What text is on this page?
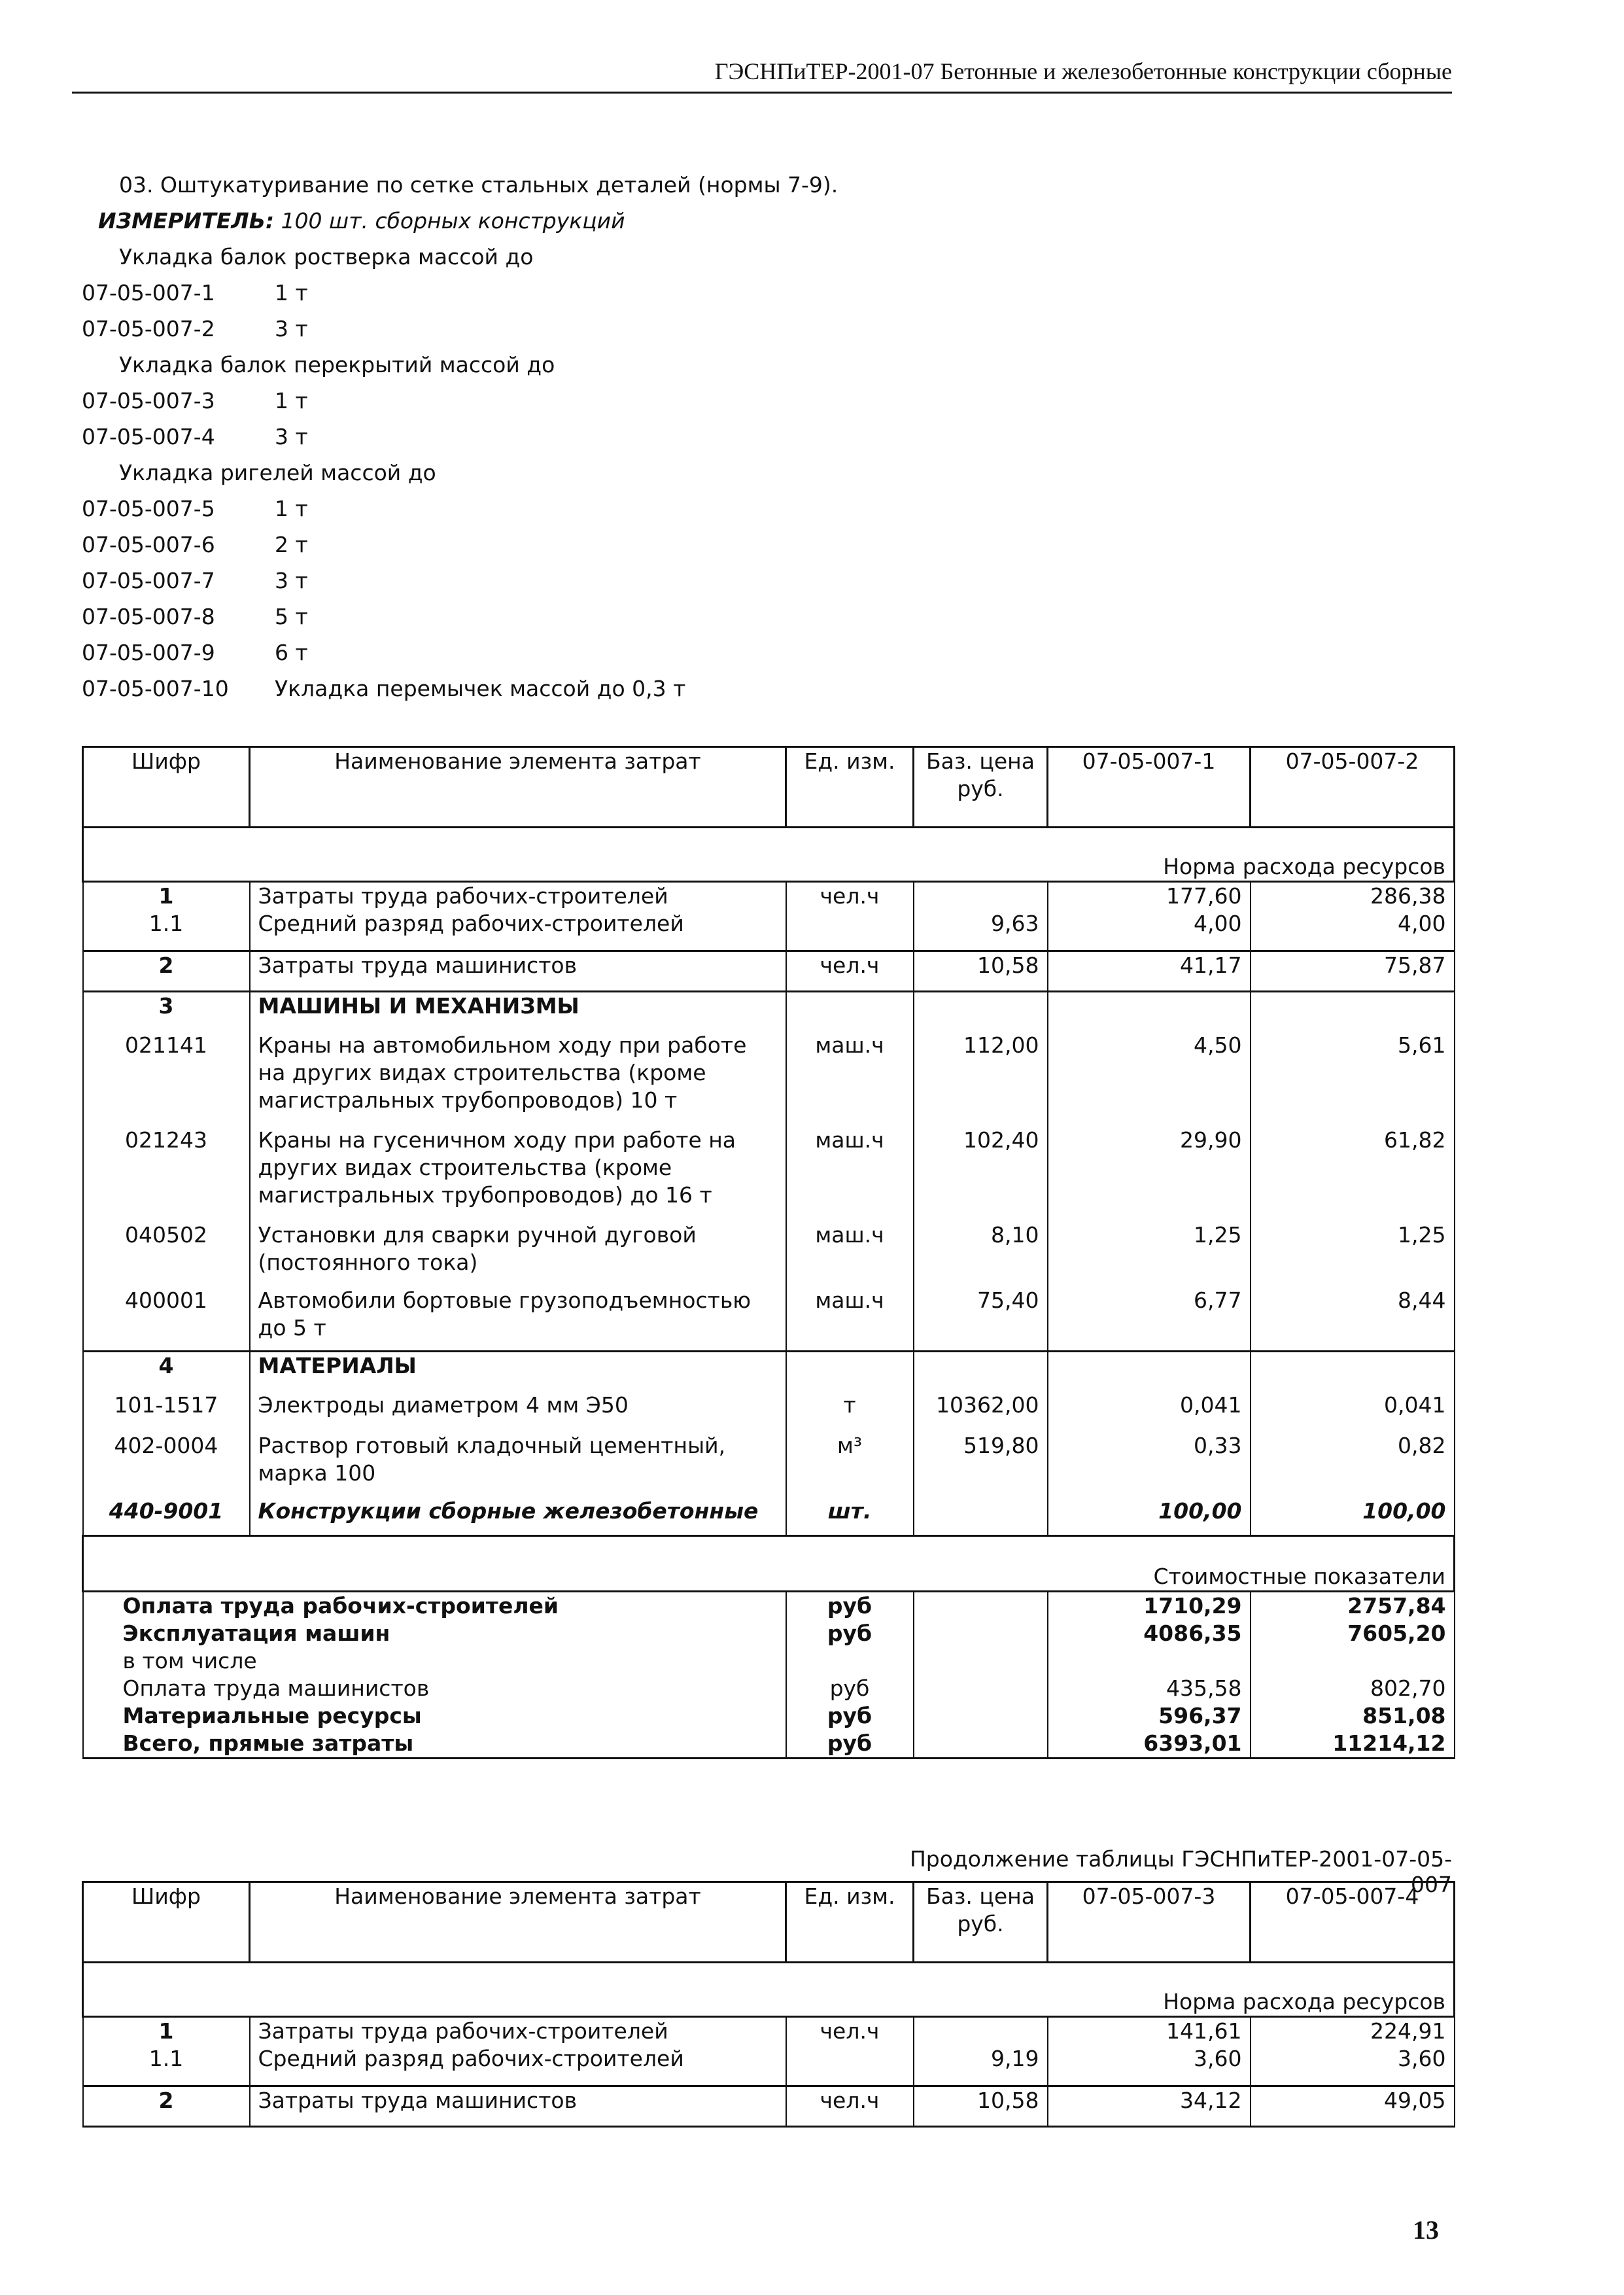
ГЭСНПиТЕР-2001-07 Бетонные и железобетонные конструкции сборные
03. Оштукатуривание по сетке стальных деталей (нормы 7-9).
ИЗМЕРИТЕЛЬ: 100 шт. сборных конструкций
Укладка балок ростверка массой до
07-05-007-1	1 т
07-05-007-2	3 т
Укладка балок перекрытий массой до
07-05-007-3	1 т
07-05-007-4	3 т
Укладка ригелей массой до
07-05-007-5	1 т
07-05-007-6	2 т
07-05-007-7	3 т
07-05-007-8	5 т
07-05-007-9	6 т
07-05-007-10 Укладка перемычек массой до 0,3 т
Шифр	Наименование элемента затрат	Ед. изм.	Баз. цена руб.	07-05-007-1	07-05-007-2
Норма расхода ресурсов					
1	Затраты труда рабочих-строителей	чел.ч		177,60	286,38
1.1	Средний разряд рабочих-строителей		9,63	4,00	4,00
2	Затраты труда машинистов	чел.ч	10,58	41,17	75,87
3	МАШИНЫ И МЕХАНИЗМЫ				
021141	Краны на автомобильном ходу при работе на других видах строительства (кроме магистральных трубопроводов) 10 т	маш.ч	112,00	4,50	5,61
021243	Краны на гусеничном ходу при работе на других видах строительства (кроме магистральных трубопроводов) до 16 т	маш.ч	102,40	29,90	61,82
040502	Установки для сварки ручной дуговой (постоянного тока)	маш.ч	8,10	1,25	1,25
400001	Автомобили бортовые грузоподъемностью до 5 т	маш.ч	75,40	6,77	8,44
4	МАТЕРИАЛЫ				
101-1517	Электроды диаметром 4 мм Э50	т	10362,00	0,041	0,041
402-0004	Раствор готовый кладочный цементный, марка 100	м³	519,80	0,33	0,82
440-9001	Конструкции сборные железобетонные	шт.		100,00	100,00
Стоимостные показатели					
Оплата труда рабочих-строителей		руб		1710,29	2757,84
Эксплуатация машин		руб		4086,35	7605,20
в том числе					
Оплата труда машинистов		руб		435,58	802,70
Материальные ресурсы		руб		596,37	851,08
Всего, прямые затраты		руб		6393,01	11214,12
Продолжение таблицы ГЭСНПиТЕР-2001-07-05-007
Шифр	Наименование элемента затрат	Ед. изм.	Баз. цена руб.	07-05-007-3	07-05-007-4
Норма расхода ресурсов					
1	Затраты труда рабочих-строителей	чел.ч		141,61	224,91
1.1	Средний разряд рабочих-строителей		9,19	3,60	3,60
2	Затраты труда машинистов	чел.ч	10,58	34,12	49,05
13
